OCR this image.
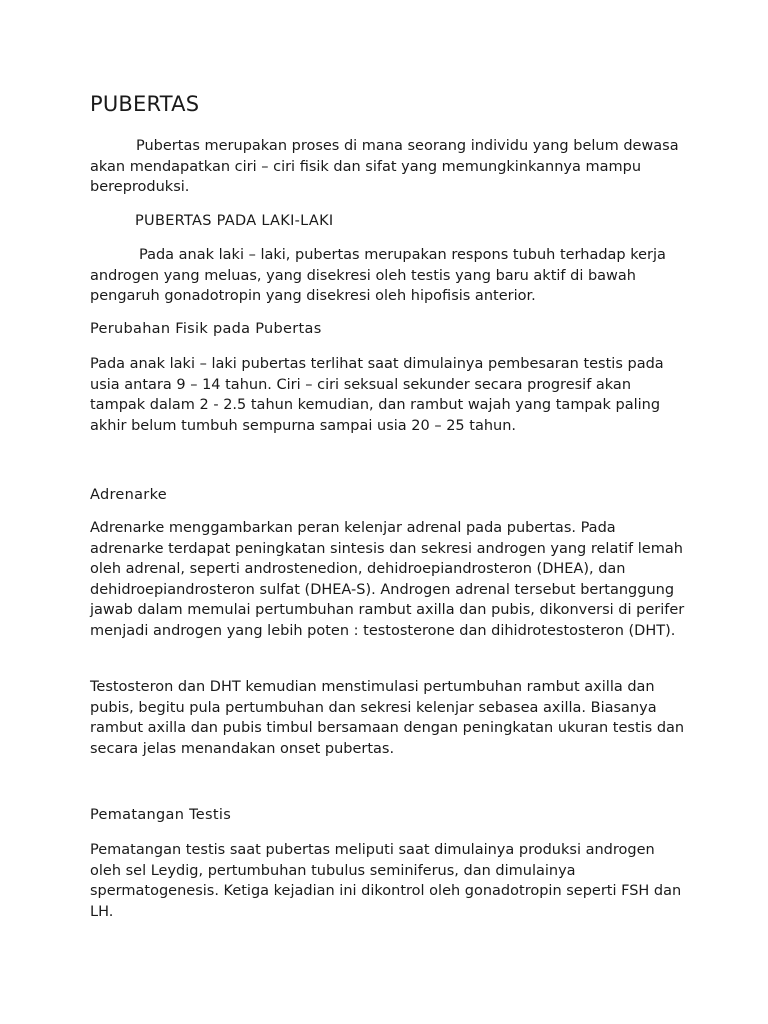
PUBERTAS

Pubertas merupakan proses di mana seorang individu yang belum dewasa akan mendapatkan ciri – ciri fisik dan sifat yang memungkinkannya mampu bereproduksi.

PUBERTAS PADA LAKI-LAKI

Pada anak laki – laki, pubertas merupakan respons tubuh terhadap kerja androgen yang meluas, yang disekresi oleh testis yang baru aktif di bawah pengaruh gonadotropin yang disekresi oleh hipofisis anterior.

Perubahan Fisik pada Pubertas

Pada anak laki – laki pubertas terlihat saat dimulainya pembesaran testis pada usia antara 9 – 14 tahun. Ciri – ciri seksual sekunder secara progresif akan tampak dalam 2 - 2.5 tahun kemudian, dan rambut wajah yang tampak paling akhir belum tumbuh sempurna sampai usia 20 – 25 tahun.

Adrenarke

Adrenarke menggambarkan peran kelenjar adrenal pada pubertas. Pada adrenarke terdapat peningkatan sintesis dan sekresi androgen yang relatif lemah oleh adrenal, seperti androstenedion, dehidroepiandrosteron (DHEA), dan dehidroepiandrosteron sulfat (DHEA-S). Androgen adrenal tersebut bertanggung jawab dalam memulai pertumbuhan rambut axilla dan pubis, dikonversi di perifer menjadi androgen yang lebih poten : testosterone dan dihidrotestosteron (DHT).

Testosteron dan DHT kemudian menstimulasi pertumbuhan rambut axilla dan pubis, begitu pula pertumbuhan dan sekresi kelenjar sebasea axilla. Biasanya rambut axilla dan pubis timbul bersamaan dengan peningkatan ukuran testis dan secara jelas menandakan onset pubertas.

Pematangan Testis

Pematangan testis saat pubertas meliputi saat dimulainya produksi androgen oleh sel Leydig, pertumbuhan tubulus seminiferus, dan dimulainya spermatogenesis. Ketiga kejadian ini dikontrol oleh gonadotropin seperti FSH dan LH.
